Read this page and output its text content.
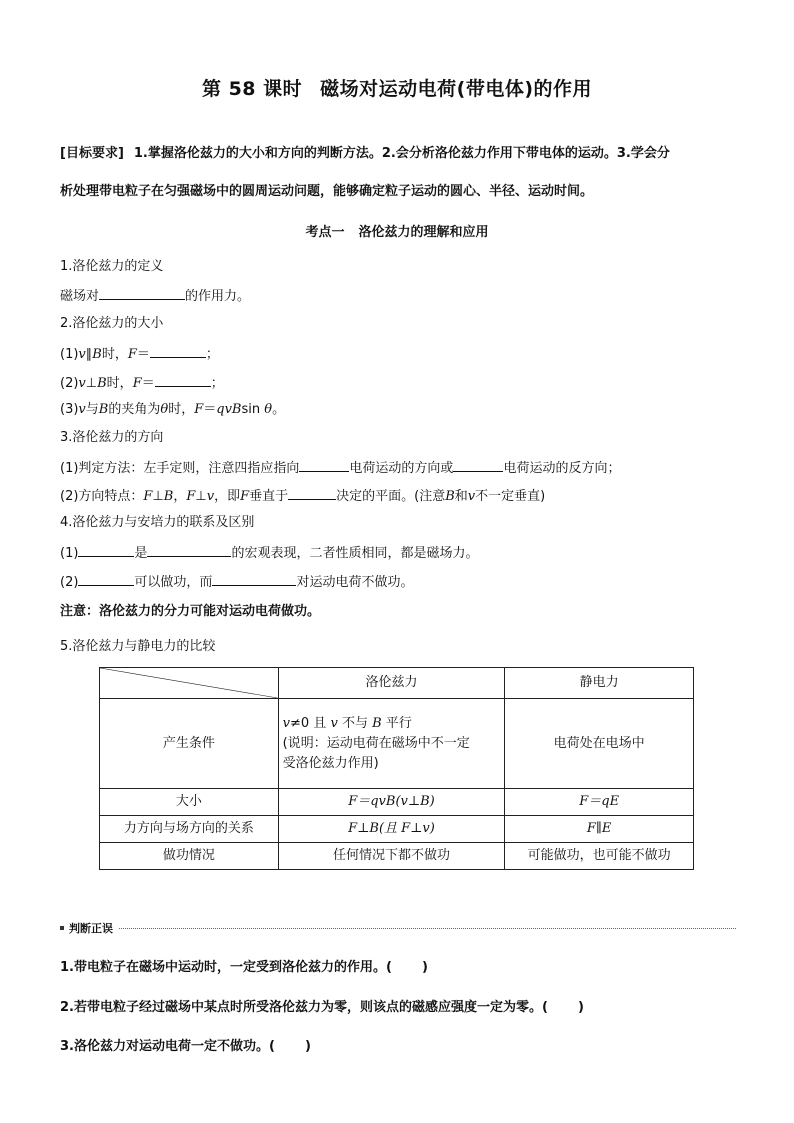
第 58 课时 磁场对运动电荷(带电体)的作用
[目标要求] 1.掌握洛伦兹力的大小和方向的判断方法。2.会分析洛伦兹力作用下带电体的运动。3.学会分
析处理带电粒子在匀强磁场中的圆周运动问题，能够确定粒子运动的圆心、半径、运动时间。
考点一 洛伦兹力的理解和应用
1.洛伦兹力的定义
磁场对	的作用力。
2.洛伦兹力的大小
(1)v∥B时，F＝	；
(2)v⊥B时，F＝	；
(3)v与B的夹角为θ时，F＝qvBsin θ。
3.洛伦兹力的方向
(1)判定方法：左手定则，注意四指应指向	电荷运动的方向或	电荷运动的反方向；
(2)方向特点：F⊥B，F⊥v，即F垂直于	决定的平面。(注意B和v不一定垂直)
4.洛伦兹力与安培力的联系及区别
(1)	是	的宏观表现，二者性质相同，都是磁场力。
(2)	可以做功，而	对运动电荷不做功。
注意：洛伦兹力的分力可能对运动电荷做功。
5.洛伦兹力与静电力的比较
	洛伦兹力	静电力
产生条件	v≠0 且 v 不与 B 平行
(说明：运动电荷在磁场中不一定
受洛伦兹力作用)	电荷处在电场中
大小	F＝qvB(v⊥B)	F＝qE
力方向与场方向的关系	F⊥B(且 F⊥v)	F∥E
做功情况	任何情况下都不做功	可能做功，也可能不做功
判断正误
1.带电粒子在磁场中运动时，一定受到洛伦兹力的作用。( )
2.若带电粒子经过磁场中某点时所受洛伦兹力为零，则该点的磁感应强度一定为零。( )
3.洛伦兹力对运动电荷一定不做功。( )
